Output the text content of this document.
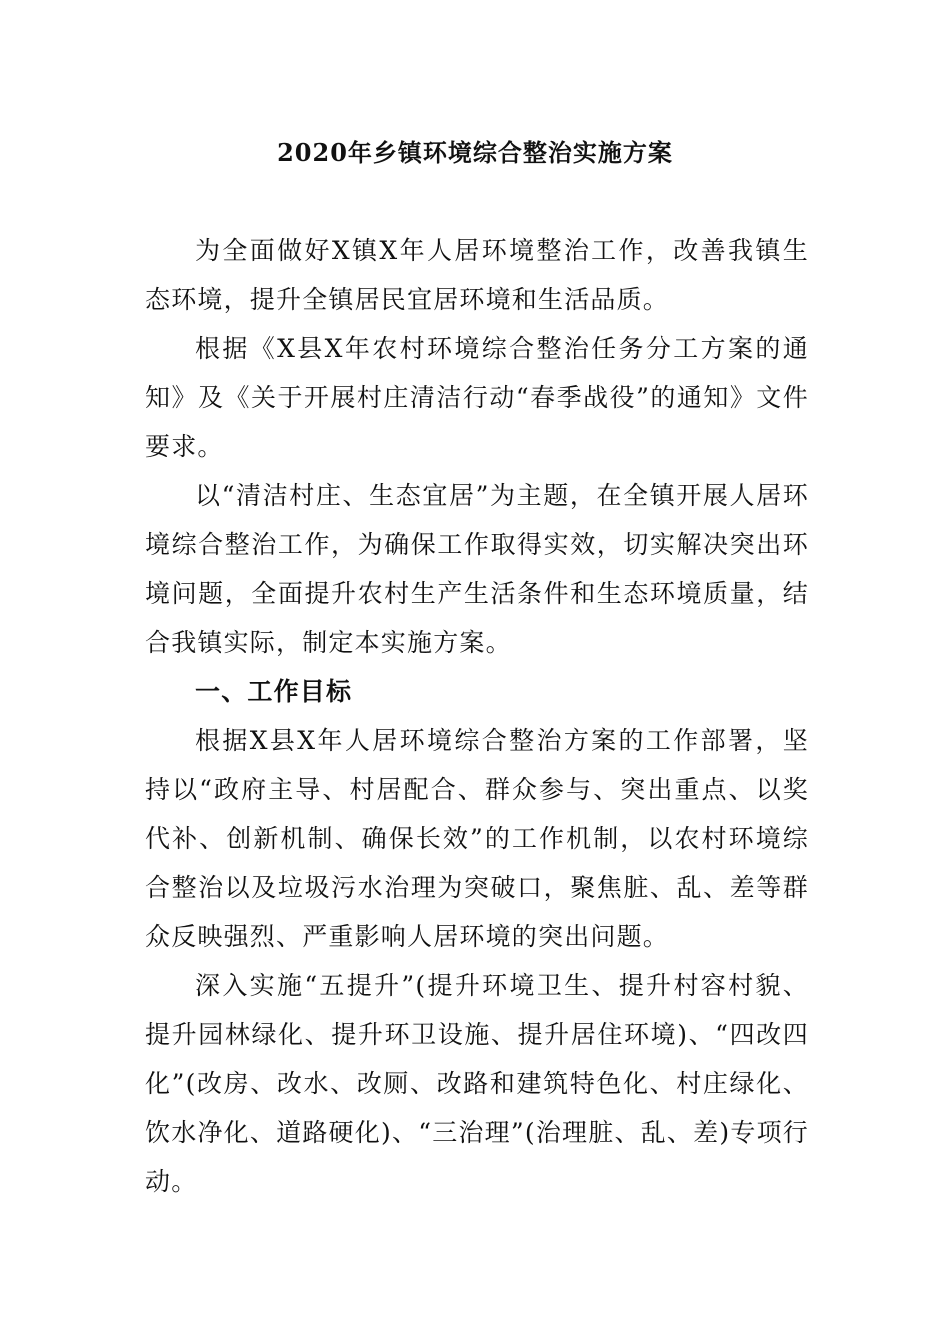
2020年乡镇环境综合整治实施方案

为全面做好X镇X年人居环境整治工作，改善我镇生态环境，提升全镇居民宜居环境和生活品质。

根据《X县X年农村环境综合整治任务分工方案的通知》及《关于开展村庄清洁行动“春季战役”的通知》文件要求。

以“清洁村庄、生态宜居”为主题，在全镇开展人居环境综合整治工作，为确保工作取得实效，切实解决突出环境问题，全面提升农村生产生活条件和生态环境质量，结合我镇实际，制定本实施方案。

一、工作目标

根据X县X年人居环境综合整治方案的工作部署，坚持以“政府主导、村居配合、群众参与、突出重点、以奖代补、创新机制、确保长效”的工作机制，以农村环境综合整治以及垃圾污水治理为突破口，聚焦脏、乱、差等群众反映强烈、严重影响人居环境的突出问题。

深入实施“五提升”(提升环境卫生、提升村容村貌、提升园林绿化、提升环卫设施、提升居住环境)、“四改四化”(改房、改水、改厕、改路和建筑特色化、村庄绿化、饮水净化、道路硬化)、“三治理”(治理脏、乱、差)专项行动。
